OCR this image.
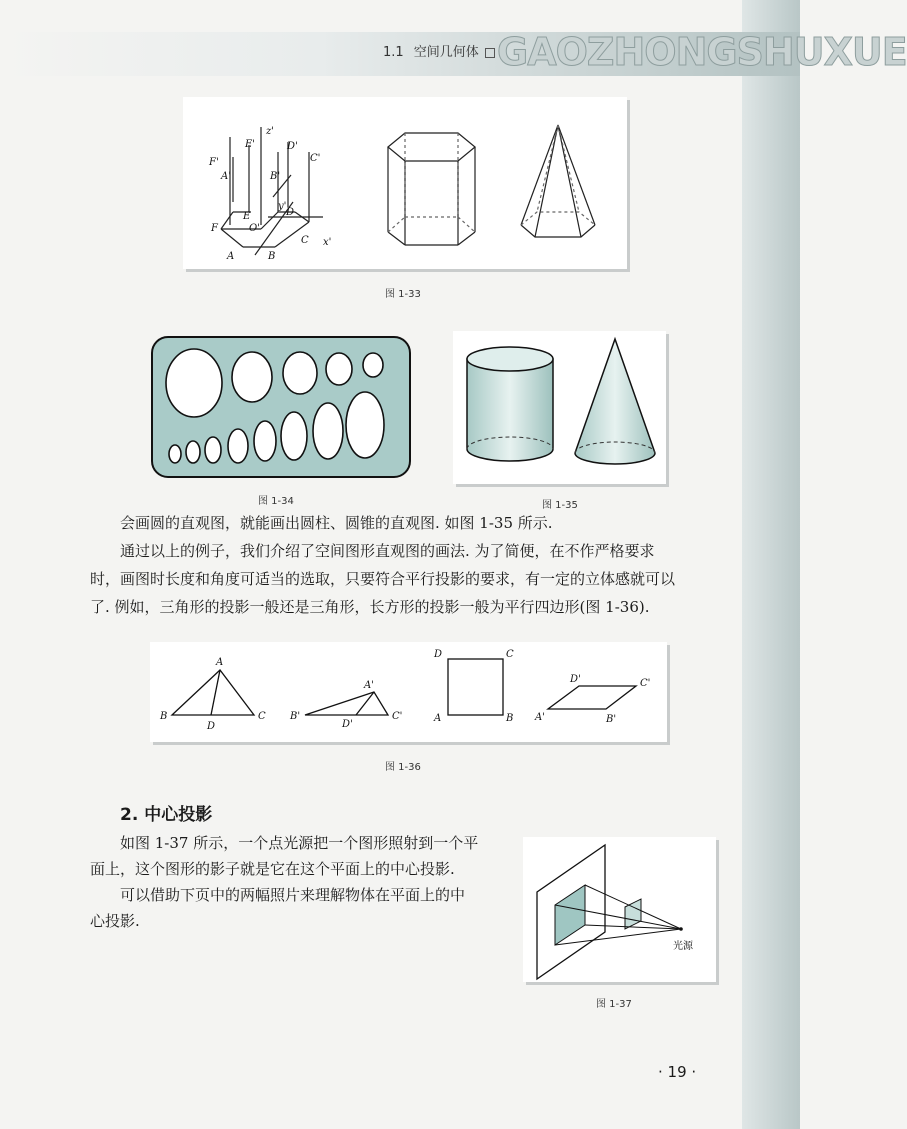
1.1 空间几何体 GAOZHONGSHUXUE
z'
y'
x'
O'
F'
E'	D'
C'
A'	B'
E	D
F
C
A	B
图 1-33
图 1-34	图 1-35
会画圆的直观图，就能画出圆柱、圆锥的直观图. 如图 1-35 所示.
通过以上的例子，我们介绍了空间图形直观图的画法. 为了简便，在不作严格要求
时，画图时长度和角度可适当的选取，只要符合平行投影的要求，有一定的立体感就可以
了. 例如，三角形的投影一般还是三角形，长方形的投影一般为平行四边形(图 1-36).
A
B
D
C
A'
B'
D'
C'
D	C
A	B
D'	C'
A'	B'
图 1-36
2. 中心投影
如图 1-37 所示，一个点光源把一个图形照射到一个平
面上，这个图形的影子就是它在这个平面上的中心投影.
可以借助下页中的两幅照片来理解物体在平面上的中
心投影.
光源
图 1-37
· 19 ·
